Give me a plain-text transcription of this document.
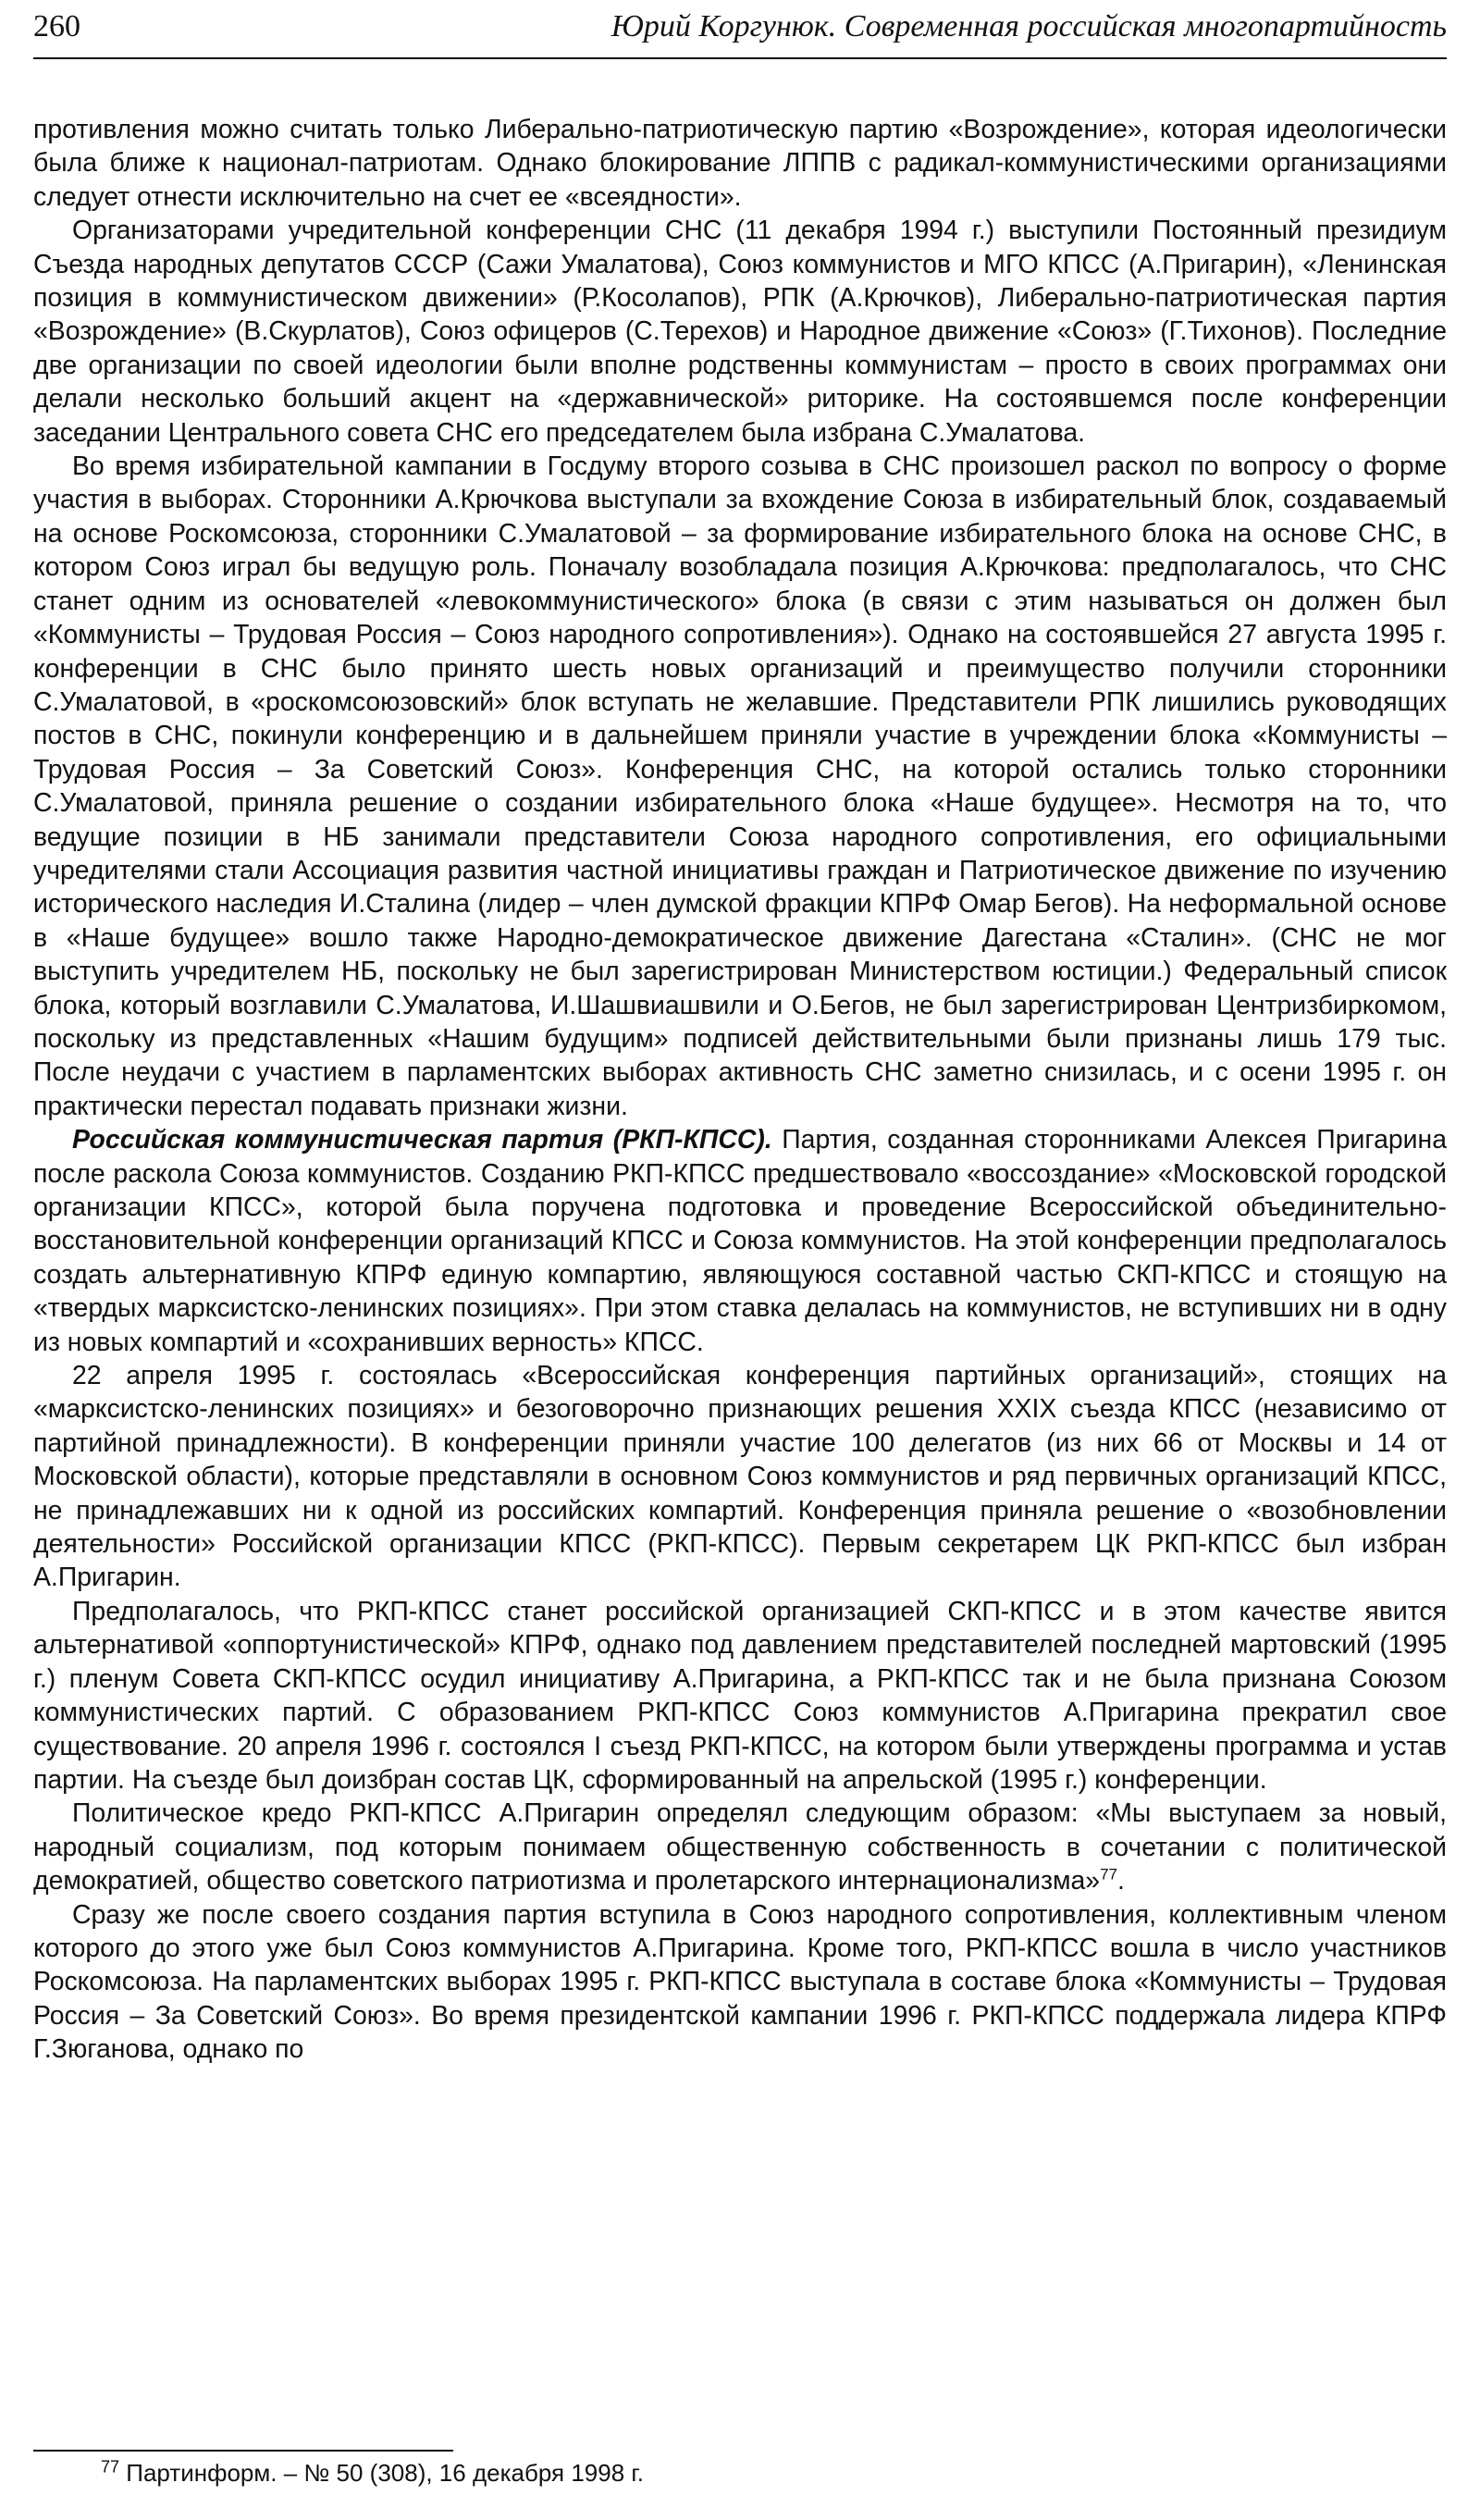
260	Юрий Коргунюк. Современная российская многопартийность

противления можно считать только Либерально-патриотическую партию «Возрождение», которая идеологически была ближе к национал-патриотам. Однако блокирование ЛППВ с радикал-коммунистическими организациями следует отнести исключительно на счет ее «всеядности».

Организаторами учредительной конференции СНС (11 декабря 1994 г.) выступили Постоянный президиум Съезда народных депутатов СССР (Сажи Умалатова), Союз коммунистов и МГО КПСС (А.Пригарин), «Ленинская позиция в коммунистическом движении» (Р.Косолапов), РПК (А.Крючков), Либерально-патриотическая партия «Возрождение» (В.Скурлатов), Союз офицеров (С.Терехов) и Народное движение «Союз» (Г.Тихонов). Последние две организации по своей идеологии были вполне родственны коммунистам – просто в своих программах они делали несколько больший акцент на «державнической» риторике. На состоявшемся после конференции заседании Центрального совета СНС его председателем была избрана С.Умалатова.

Во время избирательной кампании в Госдуму второго созыва в СНС произошел раскол по вопросу о форме участия в выборах. Сторонники А.Крючкова выступали за вхождение Союза в избирательный блок, создаваемый на основе Роскомсоюза, сторонники С.Умалатовой – за формирование избирательного блока на основе СНС, в котором Союз играл бы ведущую роль. Поначалу возобладала позиция А.Крючкова: предполагалось, что СНС станет одним из основателей «левокоммунистического» блока (в связи с этим называться он должен был «Коммунисты – Трудовая Россия – Союз народного сопротивления»). Однако на состоявшейся 27 августа 1995 г. конференции в СНС было принято шесть новых организаций и преимущество получили сторонники С.Умалатовой, в «роскомсоюзовский» блок вступать не желавшие. Представители РПК лишились руководящих постов в СНС, покинули конференцию и в дальнейшем приняли участие в учреждении блока «Коммунисты – Трудовая Россия – За Советский Союз». Конференция СНС, на которой остались только сторонники С.Умалатовой, приняла решение о создании избирательного блока «Наше будущее». Несмотря на то, что ведущие позиции в НБ занимали представители Союза народного сопротивления, его официальными учредителями стали Ассоциация развития частной инициативы граждан и Патриотическое движение по изучению исторического наследия И.Сталина (лидер – член думской фракции КПРФ Омар Бегов). На неформальной основе в «Наше будущее» вошло также Народно-демократическое движение Дагестана «Сталин». (СНС не мог выступить учредителем НБ, поскольку не был зарегистрирован Министерством юстиции.) Федеральный список блока, который возглавили С.Умалатова, И.Шашвиашвили и О.Бегов, не был зарегистрирован Центризбиркомом, поскольку из представленных «Нашим будущим» подписей действительными были признаны лишь 179 тыс. После неудачи с участием в парламентских выборах активность СНС заметно снизилась, и с осени 1995 г. он практически перестал подавать признаки жизни.

Российская коммунистическая партия (РКП-КПСС). Партия, созданная сторонниками Алексея Пригарина после раскола Союза коммунистов. Созданию РКП-КПСС предшествовало «воссоздание» «Московской городской организации КПСС», которой была поручена подготовка и проведение Всероссийской объединительно-восстановительной конференции организаций КПСС и Союза коммунистов. На этой конференции предполагалось создать альтернативную КПРФ единую компартию, являющуюся составной частью СКП-КПСС и стоящую на «твердых марксистско-ленинских позициях». При этом ставка делалась на коммунистов, не вступивших ни в одну из новых компартий и «сохранивших верность» КПСС.

22 апреля 1995 г. состоялась «Всероссийская конференция партийных организаций», стоящих на «марксистско-ленинских позициях» и безоговорочно признающих решения XXIX съезда КПСС (независимо от партийной принадлежности). В конференции приняли участие 100 делегатов (из них 66 от Москвы и 14 от Московской области), которые представляли в основном Союз коммунистов и ряд первичных организаций КПСС, не принадлежавших ни к одной из российских компартий. Конференция приняла решение о «возобновлении деятельности» Российской организации КПСС (РКП-КПСС). Первым секретарем ЦК РКП-КПСС был избран А.Пригарин.

Предполагалось, что РКП-КПСС станет российской организацией СКП-КПСС и в этом качестве явится альтернативой «оппортунистической» КПРФ, однако под давлением представителей последней мартовский (1995 г.) пленум Совета СКП-КПСС осудил инициативу А.Пригарина, а РКП-КПСС так и не была признана Союзом коммунистических партий. С образованием РКП-КПСС Союз коммунистов А.Пригарина прекратил свое существование. 20 апреля 1996 г. состоялся I съезд РКП-КПСС, на котором были утверждены программа и устав партии. На съезде был доизбран состав ЦК, сформированный на апрельской (1995 г.) конференции.

Политическое кредо РКП-КПСС А.Пригарин определял следующим образом: «Мы выступаем за новый, народный социализм, под которым понимаем общественную собственность в сочетании с политической демократией, общество советского патриотизма и пролетарского интернационализма»$^{77}$.

Сразу же после своего создания партия вступила в Союз народного сопротивления, коллективным членом которого до этого уже был Союз коммунистов А.Пригарина. Кроме того, РКП-КПСС вошла в число участников Роскомсоюза. На парламентских выборах 1995 г. РКП-КПСС выступала в составе блока «Коммунисты – Трудовая Россия – За Советский Союз». Во время президентской кампании 1996 г. РКП-КПСС поддержала лидера КПРФ Г.Зюганова, однако по

$^{77}$ Партинформ. – № 50 (308), 16 декабря 1998 г.
